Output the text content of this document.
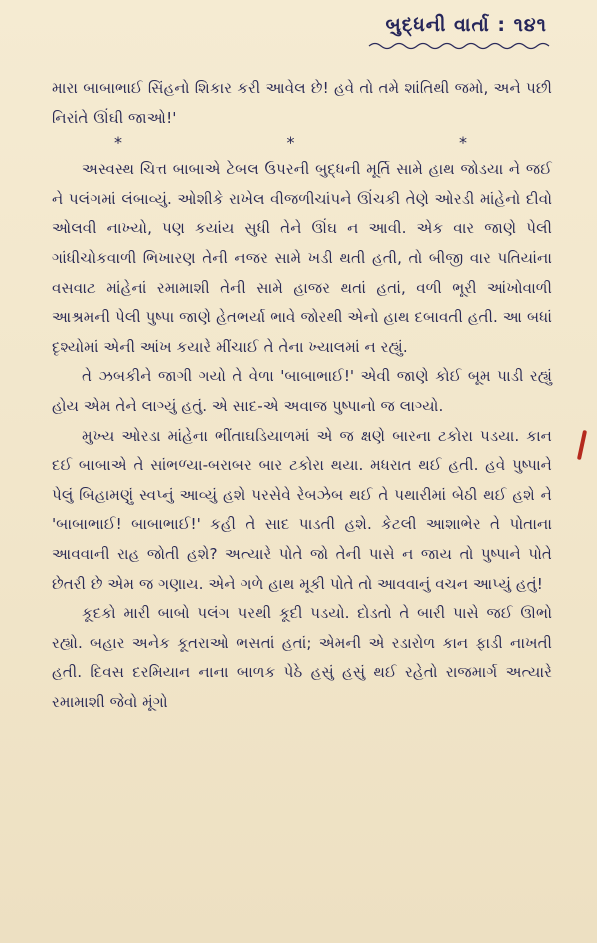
બુદ્ધની વાર્તા : ૧૪૧

મારા બાબાભાઈ સિંહનો શિકાર કરી આવેલ છે! હવે તો તમે શાંતિથી જમો, અને પછી નિરાંતે ઊંઘી જાઓ!'

*	*	*

અસ્વસ્થ ચિત્ત બાબાએ ટેબલ ઉપરની બુદ્ધની મૂર્તિ સામે હાથ જોડયા ને જઈ ને પલંગમાં લંબાવ્યું. ઓશીકે રાખેલ વીજળીચાંપને ઊંચકી તેણે ઓરડી માંહેનો દીવો ઓલવી નાખ્યો, પણ કયાંય સુધી તેને ઊંઘ ન આવી. એક વાર જાણે પેલી ગાંધીચોકવાળી ભિખારણ તેની નજર સામે ખડી થતી હતી, તો બીજી વાર પતિયાંના વસવાટ માંહેનાં રમામાશી તેની સામે હાજર થતાં હતાં, વળી ભૂરી આંખોવાળી આશ્રમની પેલી પુષ્પા જાણે હેતભર્યા ભાવે જોરથી એનો હાથ દબાવતી હતી. આ બધાં દૃશ્યોમાં એની આંખ કયારે મીંચાઈ તે તેના ખ્યાલમાં ન રહ્યું.

તે ઝબકીને જાગી ગયો તે વેળા 'બાબાભાઈ!' એવી જાણે કોઈ બૂમ પાડી રહ્યું હોય એમ તેને લાગ્યું હતું. એ સાદ-એ અવાજ પુષ્પાનો જ લાગ્યો.

મુખ્ય ઓરડા માંહેના ભીંતાઘડિયાળમાં એ જ ક્ષણે બારના ટકોરા પડયા. કાન દઈ બાબાએ તે સાંભળ્યા-બરાબર બાર ટકોરા થયા. મધરાત થઈ હતી. હવે પુષ્પાને પેલું બિહામણું સ્વપ્નું આવ્યું હશે પરસેવે રેબઝેબ થઈ તે પથારીમાં બેઠી થઈ હશે ને 'બાબાભાઈ! બાબાભાઈ!' કહી તે સાદ પાડતી હશે. કેટલી આશાભેર તે પોતાના આવવાની રાહ જોતી હશે? અત્યારે પોતે જો તેની પાસે ન જાય તો પુષ્પાને પોતે છેતરી છે એમ જ ગણાય. એને ગળે હાથ મૂકી પોતે તો આવવાનું વચન આપ્યું હતું!

કૂદકો મારી બાબો પલંગ પરથી કૂદી પડયો. દોડતો તે બારી પાસે જઈ ઊભો રહ્યો. બહાર અનેક કૂતરાઓ ભસતાં હતાં; એમની એ રડારોળ કાન ફાડી નાખતી હતી. દિવસ દરમિયાન નાના બાળક પેઠે હસું હસું થઈ રહેતો રાજમાર્ગ અત્યારે રમામાશી જેવો મૂંગો
